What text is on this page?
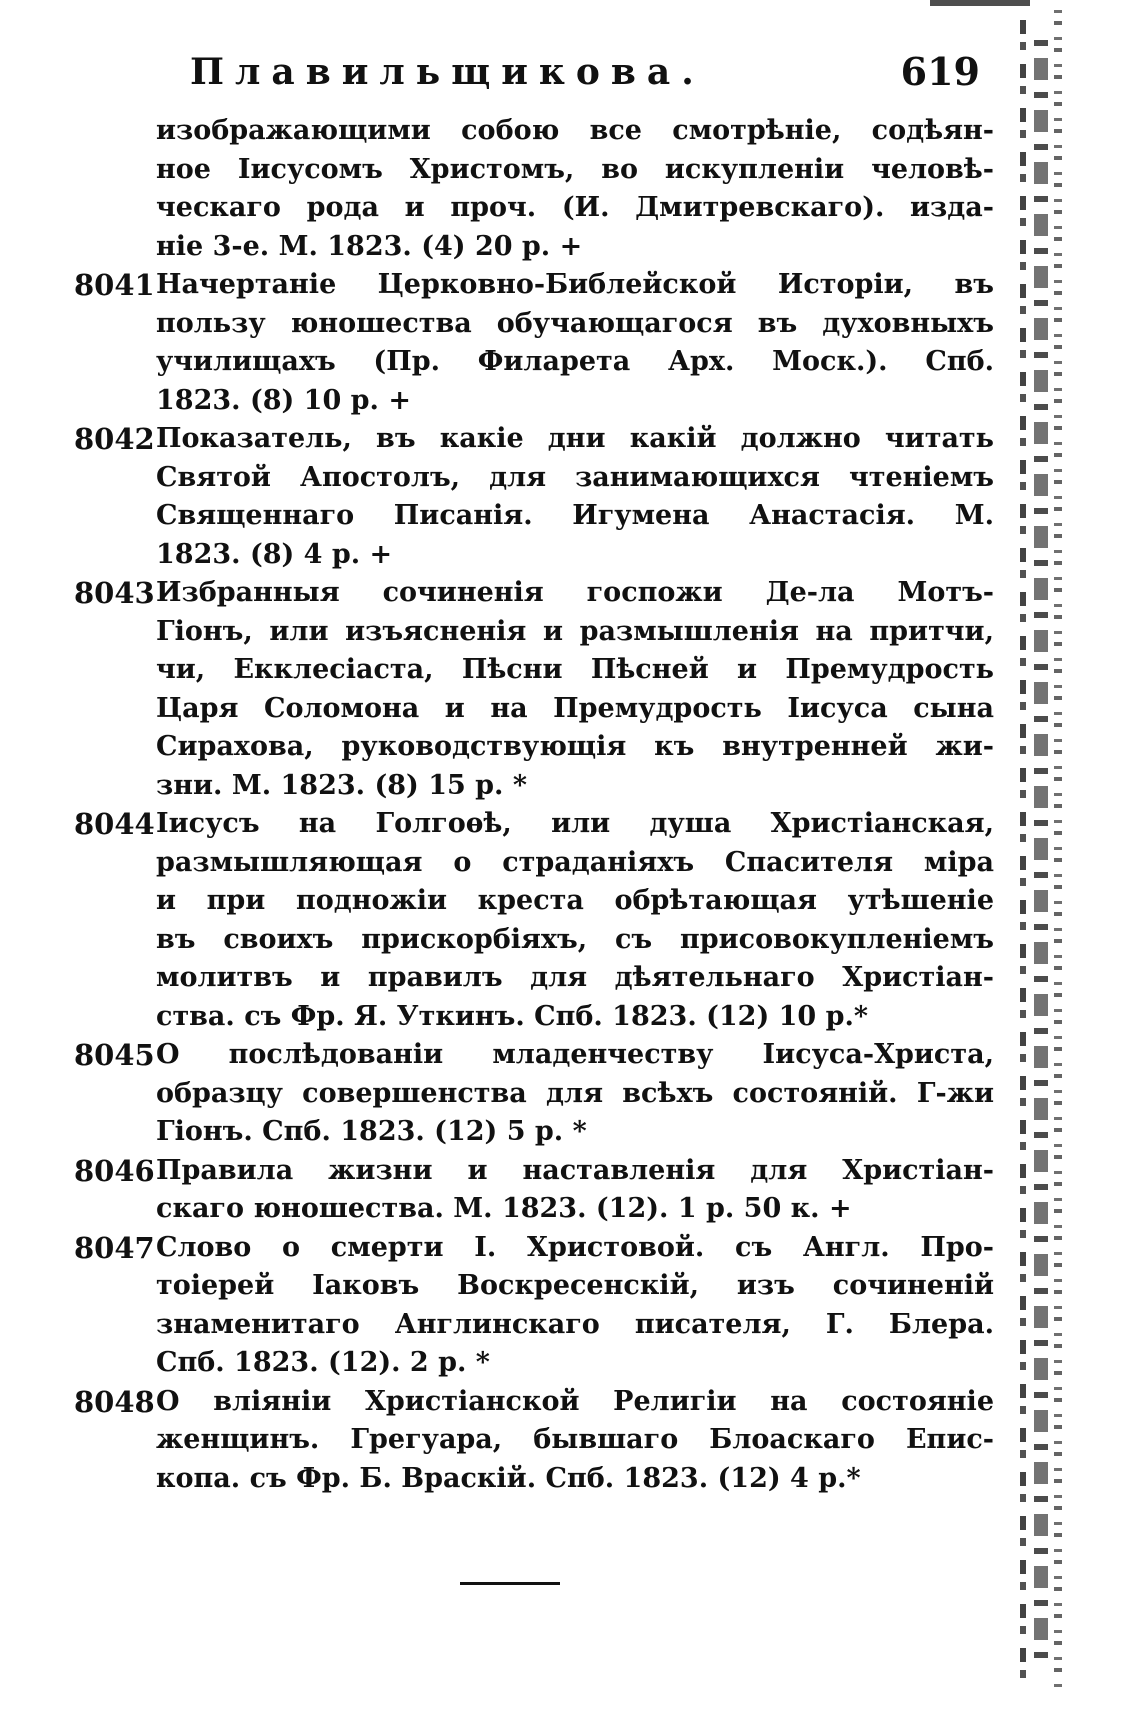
Плавильщикова.	619
изображающими собою все смотрѣніе, содѣян-
ное Іисусомъ Христомъ, во искупленіи человѣ-
ческаго рода и проч. (И. Дмитревскаго). изда-
ніе 3-е. М. 1823. (4) 20 р. +
8041 Начертаніе Церковно-Библейской Исторіи, въ
пользу юношества обучающагося въ духовныхъ
училищахъ (Пр. Филарета Арх. Моск.). Спб.
1823. (8) 10 р. +
8042 Показатель, въ какіе дни какій должно читать
Святой Апостолъ, для занимающихся чтеніемъ
Священнаго Писанія. Игумена Анастасія. М.
1823. (8) 4 р. +
8043 Избранныя сочиненія госпожи Де-ла Мотъ-
Гіонъ, или изъясненія и размышленія на притчи,
чи, Екклесіаста, Пѣсни Пѣсней и Премудрость
Царя Соломона и на Премудрость Іисуса сына
Сирахова, руководствующія къ внутренней жи-
зни. М. 1823. (8) 15 р. *
8044 Іисусъ на Голгоѳѣ, или душа Христіанская,
размышляющая о страданіяхъ Спасителя міра
и при подножіи креста обрѣтающая утѣшеніе
въ своихъ прискорбіяхъ, съ присовокупленіемъ
молитвъ и правилъ для дѣятельнаго Христіан-
ства. съ Фр. Я. Уткинъ. Спб. 1823. (12) 10 р.*
8045 О послѣдованіи младенчеству Іисуса-Христа,
образцу совершенства для всѣхъ состояній. Г-жи
Гіонъ. Спб. 1823. (12) 5 р. *
8046 Правила жизни и наставленія для Христіан-
скаго юношества. М. 1823. (12). 1 р. 50 к. +
8047 Слово о смерти І. Христовой. съ Англ. Про-
тоіерей Іаковъ Воскресенскій, изъ сочиненій
знаменитаго Англинскаго писателя, Г. Блера.
Спб. 1823. (12). 2 р. *
8048 О вліяніи Христіанской Религіи на состояніе
женщинъ. Грегуара, бывшаго Блоаскаго Епис-
копа. съ Фр. Б. Враскій. Спб. 1823. (12) 4 р.*
